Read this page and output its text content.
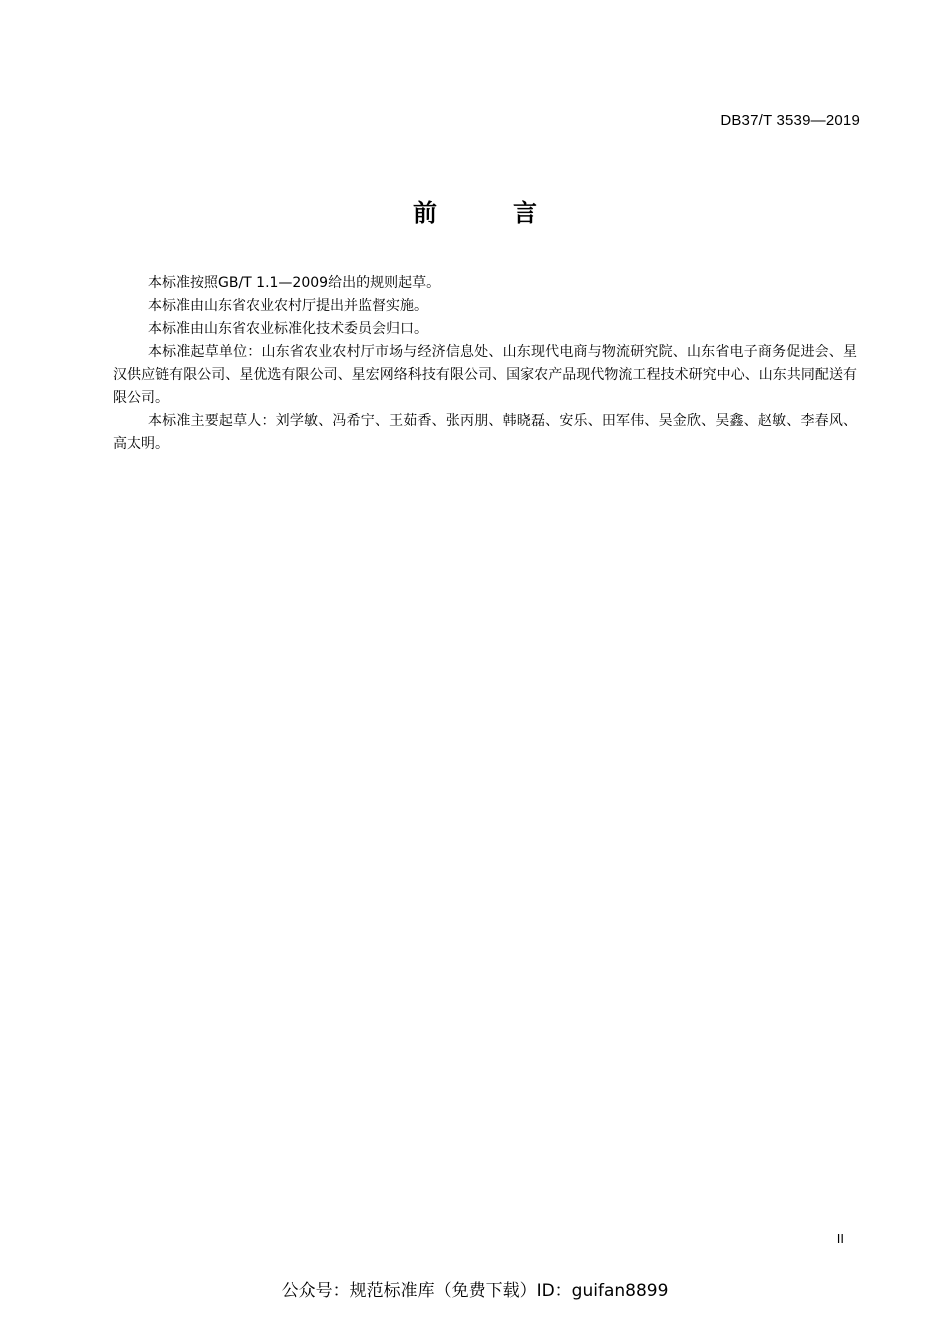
DB37/T 3539—2019
前　言

本标准按照GB/T 1.1—2009给出的规则起草。

本标准由山东省农业农村厅提出并监督实施。

本标准由山东省农业标准化技术委员会归口。

本标准起草单位：山东省农业农村厅市场与经济信息处、山东现代电商与物流研究院、山东省电子商务促进会、星汉供应链有限公司、星优选有限公司、星宏网络科技有限公司、国家农产品现代物流工程技术研究中心、山东共同配送有限公司。

本标准主要起草人：刘学敏、冯希宁、王茹香、张丙朋、韩晓磊、安乐、田军伟、吴金欣、吴鑫、赵敏、李春风、高太明。

II
公众号：规范标准库（免费下载）ID：guifan8899
